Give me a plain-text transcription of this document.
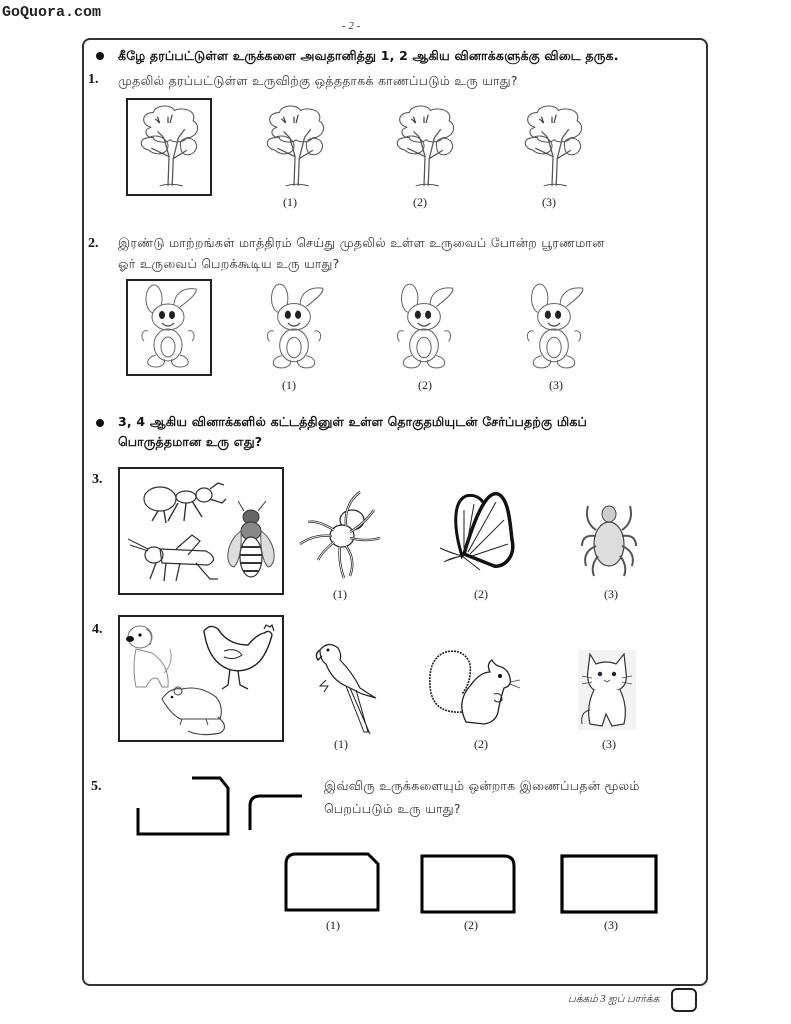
GoQuora.com
- 2 -
கீழே தரப்பட்டுள்ள உருக்களை அவதானித்து 1, 2 ஆகிய வினாக்களுக்கு விடை தருக.
1. முதலில் தரப்பட்டுள்ள உருவிற்கு ஒத்ததாகக் காணப்படும் உரு யாது?
(1)	(2)	(3)
2. இரண்டு மாற்றங்கள் மாத்திரம் செய்து முதலில் உள்ள உருவைப் போன்ற பூரணமான
ஓர் உருவைப் பெறக்கூடிய உரு யாது?
(1)	(2)	(3)
3, 4 ஆகிய வினாக்களில் கட்டத்தினுள் உள்ள தொகுதமியுடன் சேர்ப்பதற்கு மிகப்
பொருத்தமான உரு எது?
3.
(1)	(2)	(3)
4.
(1)	(2)	(3)
5.	இவ்விரு உருக்களையும் ஒன்றாக இணைப்பதன் மூலம்
பெறப்படும் உரு யாது?
(1)	(2)	(3)
பக்கம் 3 ஐப் பார்க்க
